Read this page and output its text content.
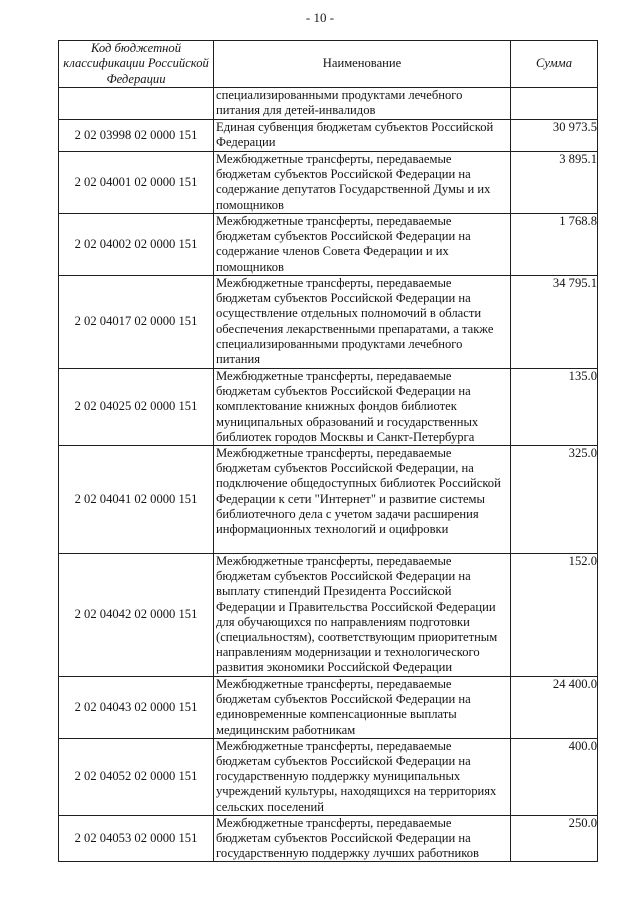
- 10 -
Код бюджетной классификации Российской Федерации	Наименование	Сумма
	специализированными продуктами лечебного питания для детей-инвалидов	
2 02 03998 02 0000 151	Единая субвенция бюджетам субъектов Российской Федерации	30 973.5
2 02 04001 02 0000 151	Межбюджетные трансферты, передаваемые бюджетам субъектов Российской Федерации на содержание депутатов Государственной Думы и их помощников	3 895.1
2 02 04002 02 0000 151	Межбюджетные трансферты, передаваемые бюджетам субъектов Российской Федерации на содержание членов Совета Федерации и их помощников	1 768.8
2 02 04017 02 0000 151	Межбюджетные трансферты, передаваемые бюджетам субъектов Российской Федерации на осуществление отдельных полномочий в области обеспечения лекарственными препаратами, а также специализированными продуктами лечебного питания	34 795.1
2 02 04025 02 0000 151	Межбюджетные трансферты, передаваемые бюджетам субъектов Российской Федерации на комплектование книжных фондов библиотек муниципальных образований и государственных библиотек городов Москвы и Санкт-Петербурга	135.0
2 02 04041 02 0000 151	Межбюджетные трансферты, передаваемые бюджетам субъектов Российской Федерации, на подключение общедоступных библиотек Российской Федерации к сети "Интернет" и развитие системы библиотечного дела с учетом задачи расширения информационных технологий и оцифровки	325.0
2 02 04042 02 0000 151	Межбюджетные трансферты, передаваемые бюджетам субъектов Российской Федерации на выплату стипендий Президента Российской Федерации и Правительства Российской Федерации для обучающихся по направлениям подготовки (специальностям), соответствующим приоритетным направлениям модернизации и технологического развития экономики Российской Федерации	152.0
2 02 04043 02 0000 151	Межбюджетные трансферты, передаваемые бюджетам субъектов Российской Федерации на единовременные компенсационные выплаты медицинским работникам	24 400.0
2 02 04052 02 0000 151	Межбюджетные трансферты, передаваемые бюджетам субъектов Российской Федерации на государственную поддержку муниципальных учреждений культуры, находящихся на территориях сельских поселений	400.0
2 02 04053 02 0000 151	Межбюджетные трансферты, передаваемые бюджетам субъектов Российской Федерации на государственную поддержку лучших работников	250.0
